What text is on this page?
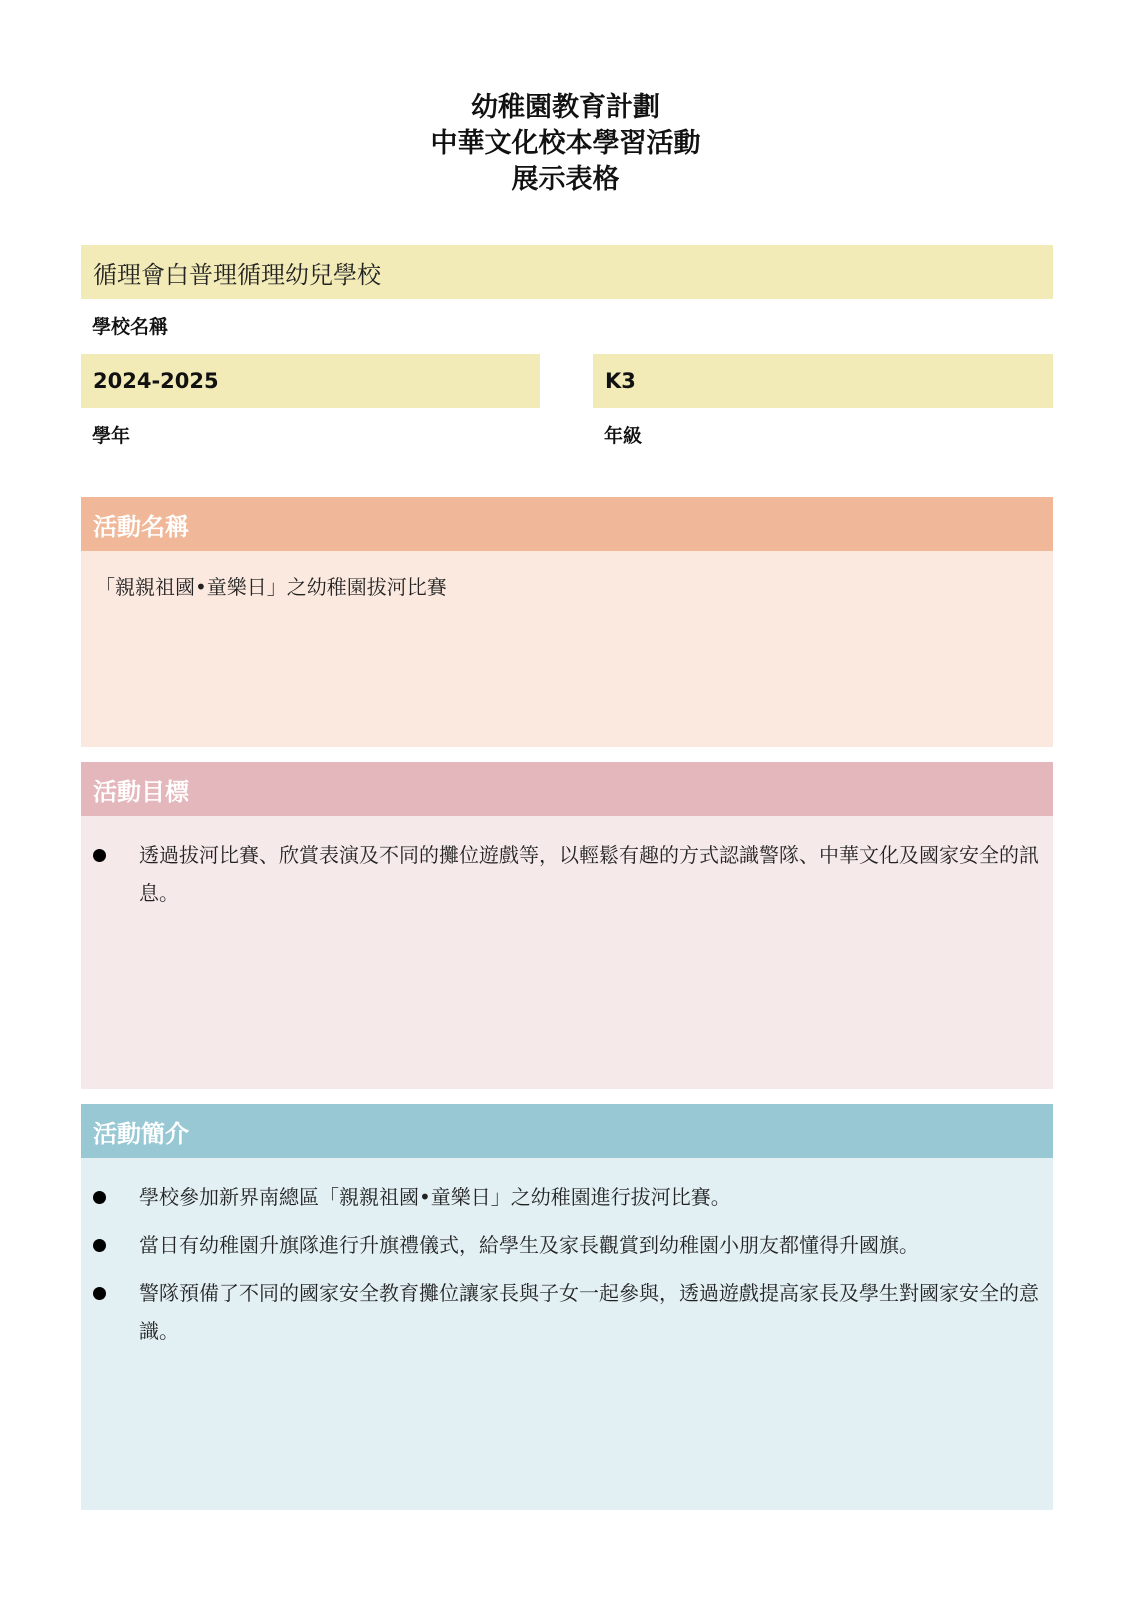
幼稚園教育計劃
中華文化校本學習活動
展示表格
循理會白普理循理幼兒學校
學校名稱
2024-2025
學年
K3
年級
活動名稱
「親親祖國•童樂日」之幼稚園拔河比賽
活動目標
透過拔河比賽、欣賞表演及不同的攤位遊戲等，以輕鬆有趣的方式認識警隊、中華文化及國家安全的訊息。
活動簡介
學校參加新界南總區「親親祖國•童樂日」之幼稚園進行拔河比賽。
當日有幼稚園升旗隊進行升旗禮儀式，給學生及家長觀賞到幼稚園小朋友都懂得升國旗。
警隊預備了不同的國家安全教育攤位讓家長與子女一起參與，透過遊戲提高家長及學生對國家安全的意識。
